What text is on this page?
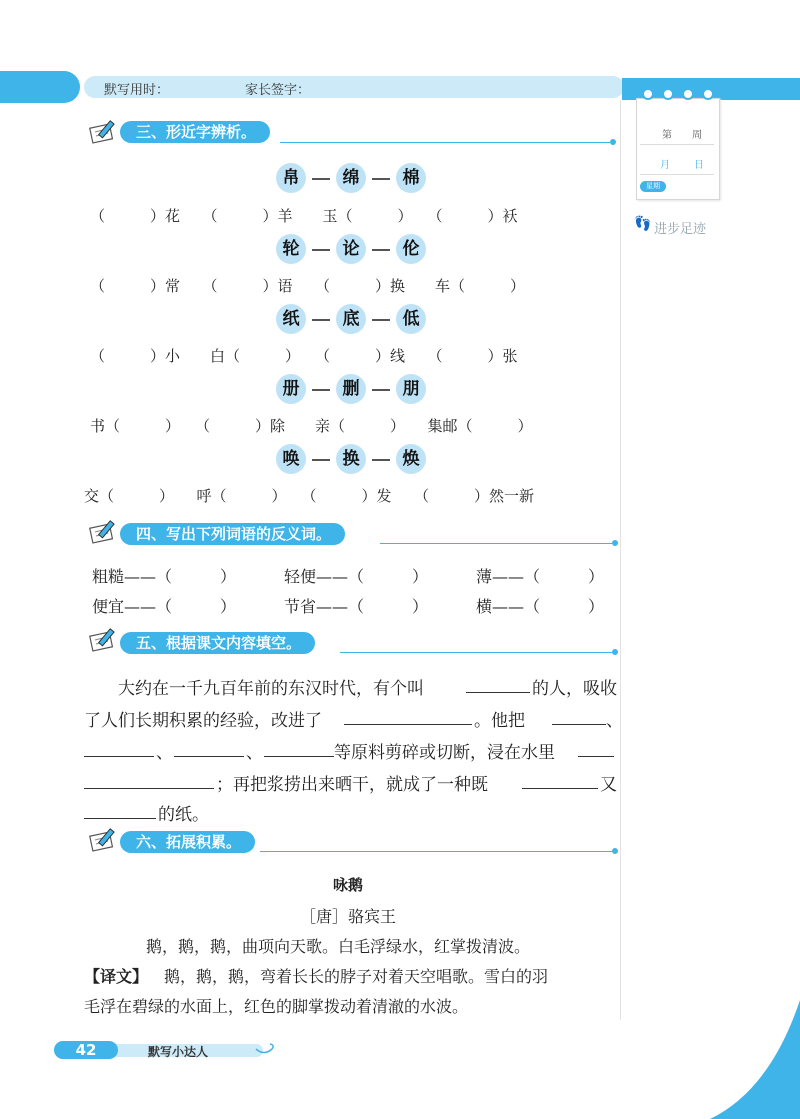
默写用时：	家长签字：
第　　周
月 日
星期
👣 进步足迹
三、形近字辨析。
帛	绵	棉
（　　　）花　　（　　　）羊　　玉（　　　）　　（　　　）袄
轮	论	伦
（　　　）常　　（　　　）语　　（　　　）换　　车（　　　）
纸	底	低
（　　　）小　　白（　　　）　　（　　　）线　　（　　　）张
册	删	朋
书（　　　）　　（　　　）除　　亲（　　　）　　集邮（　　　）
唤	换	焕
交（　　　）　　呼（　　　）　　（　　　）发　　（　　　）然一新
四、写出下列词语的反义词。
粗糙——（　　　）	轻便——（　　　）	薄——（　　　）
便宜——（　　　）	节省——（　　　）	横——（　　　）
五、根据课文内容填空。
大约在一千九百年前的东汉时代，有个叫	的人，吸收
了人们长期积累的经验，改进了	。他把	、
、	、	等原料剪碎或切断，浸在水里
；再把浆捞出来晒干，就成了一种既	又
的纸。
六、拓展积累。
咏鹅
［唐］骆宾王
鹅，鹅，鹅，曲项向天歌。白毛浮绿水，红掌拨清波。
【译文】 鹅，鹅，鹅，弯着长长的脖子对着天空唱歌。雪白的羽
毛浮在碧绿的水面上，红色的脚掌拨动着清澈的水波。
42	默写小达人
